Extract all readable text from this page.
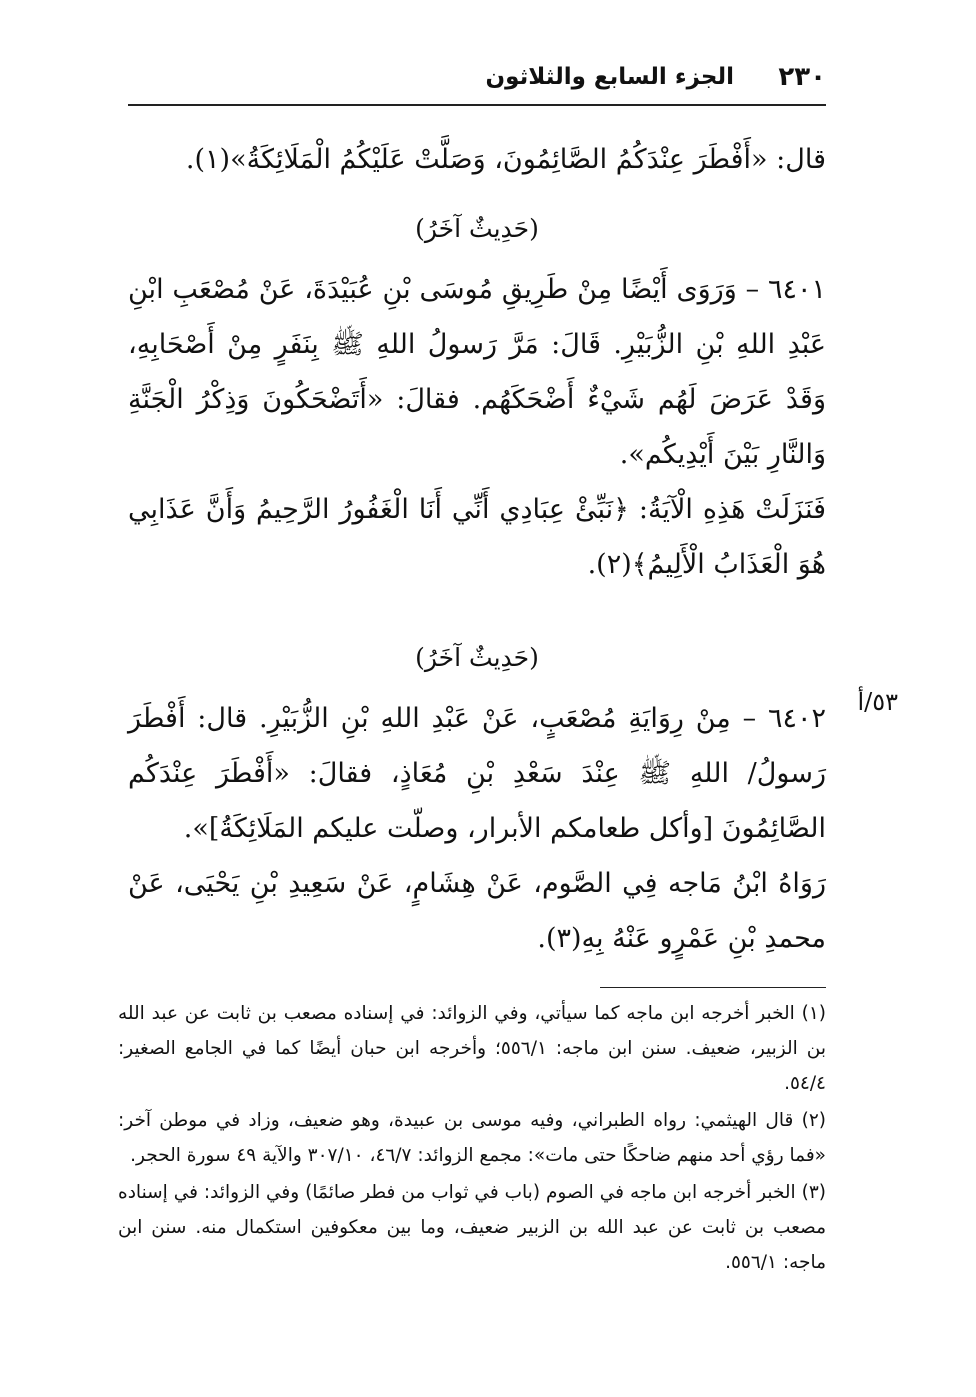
٢٣٠
الجزء السابع والثلاثون

قال: «أَفْطَرَ عِنْدَكُمُ الصَّائِمُونَ، وَصَلَّتْ عَلَيْكُمُ الْمَلَائِكَةُ»(١).

(حَدِيثٌ آخَرُ)

٦٤٠١ – وَرَوَى أَيْضًا مِنْ طَرِيقِ مُوسَى بْنِ عُبَيْدَةَ، عَنْ مُصْعَبِ ابْنِ عَبْدِ اللهِ بْنِ الزُّبَيْرِ. قَالَ: مَرَّ رَسولُ اللهِ ﷺ بِنَفَرٍ مِنْ أَصْحَابِهِ، وَقَدْ عَرَضَ لَهُم شَيْءٌ أَضْحَكَهُم. فقالَ: «أَتَضْحَكُونَ وَذِكْرُ الْجَنَّةِ وَالنَّارِ بَيْنَ أَيْدِيكُم».

فَنَزَلَتْ هَذِهِ الْآيَةُ: ﴿نَبِّئْ عِبَادِي أَنِّي أَنَا الْغَفُورُ الرَّحِيمُ وَأَنَّ عَذَابِي هُوَ الْعَذَابُ الْأَلِيمُ﴾(٢).

(حَدِيثٌ آخَرُ)

٦٤٠٢ – مِنْ رِوَايَةِ مُصْعَبٍ، عَنْ عَبْدِ اللهِ بْنِ الزُّبَيْرِ. قال: أَفْطَرَ رَسولُ/ اللهِ ﷺ عِنْدَ سَعْدِ بْنِ مُعَاذٍ، فقالَ: «أَفْطَرَ عِنْدَكُم الصَّائِمُونَ [وأكل طعامكم الأبرار، وصلّت عليكم المَلَائِكَةُ]».

رَوَاهُ ابْنُ مَاجه فِي الصَّوم، عَنْ هِشَامٍ، عَنْ سَعِيدِ بْنِ يَحْيَى، عَنْ محمدِ بْنِ عَمْرٍو عَنْهُ بِهِ(٣).

٥٣/أ

(١) الخبر أخرجه ابن ماجه كما سيأتي، وفي الزوائد: في إسناده مصعب بن ثابت عن عبد الله بن الزبير، ضعيف. سنن ابن ماجه: ٥٥٦/١؛ وأخرجه ابن حبان أيضًا كما في الجامع الصغير: ٥٤/٤.

(٢) قال الهيثمي: رواه الطبراني، وفيه موسى بن عبيدة، وهو ضعيف، وزاد في موطن آخر: «فما رؤي أحد منهم ضاحكًا حتى مات»: مجمع الزوائد: ٤٦/٧، ٣٠٧/١٠ والآية ٤٩ سورة الحجر.

(٣) الخبر أخرجه ابن ماجه في الصوم (باب في ثواب من فطر صائمًا) وفي الزوائد: في إسناده مصعب بن ثابت عن عبد الله بن الزبير ضعيف، وما بين معكوفين استكمال منه. سنن ابن ماجه: ٥٥٦/١.
